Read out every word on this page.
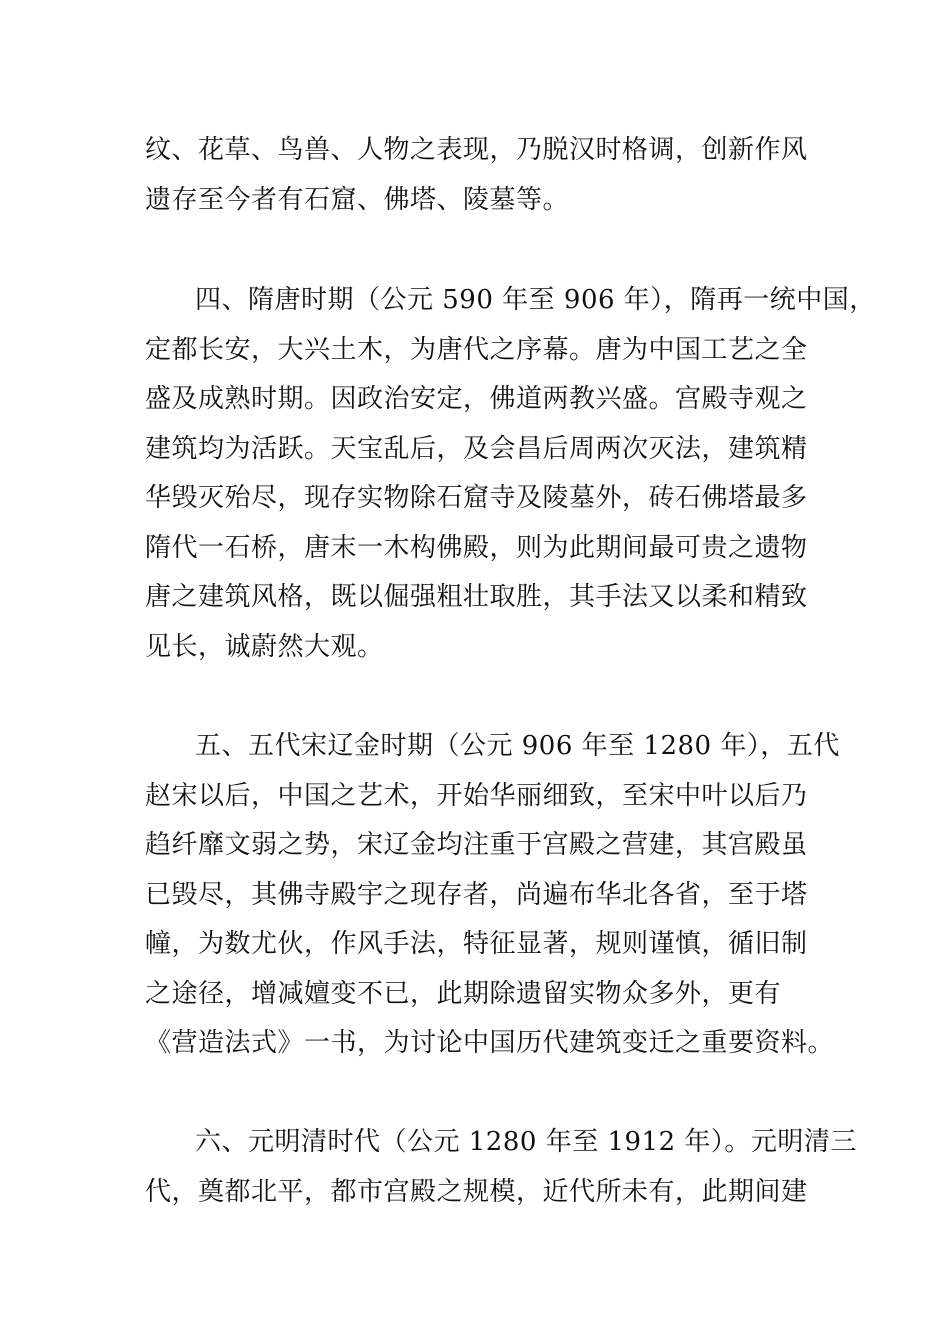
纹、花草、鸟兽、人物之表现，乃脱汉时格调，创新作风
遗存至今者有石窟、佛塔、陵墓等。
四、隋唐时期（公元 590 年至 906 年），隋再一统中国，
定都长安，大兴土木，为唐代之序幕。唐为中国工艺之全
盛及成熟时期。因政治安定，佛道两教兴盛。宫殿寺观之
建筑均为活跃。天宝乱后，及会昌后周两次灭法，建筑精
华毁灭殆尽，现存实物除石窟寺及陵墓外，砖石佛塔最多
隋代一石桥，唐末一木构佛殿，则为此期间最可贵之遗物
唐之建筑风格，既以倔强粗壮取胜，其手法又以柔和精致
见长，诚蔚然大观。
五、五代宋辽金时期（公元 906 年至 1280 年），五代
赵宋以后，中国之艺术，开始华丽细致，至宋中叶以后乃
趋纤靡文弱之势，宋辽金均注重于宫殿之营建，其宫殿虽
已毁尽，其佛寺殿宇之现存者，尚遍布华北各省，至于塔
幢，为数尤伙，作风手法，特征显著，规则谨慎，循旧制
之途径，增减嬗变不已，此期除遗留实物众多外，更有
《营造法式》一书，为讨论中国历代建筑变迁之重要资料。
六、元明清时代（公元 1280 年至 1912 年）。元明清三
代，奠都北平，都市宫殿之规模，近代所未有，此期间建
